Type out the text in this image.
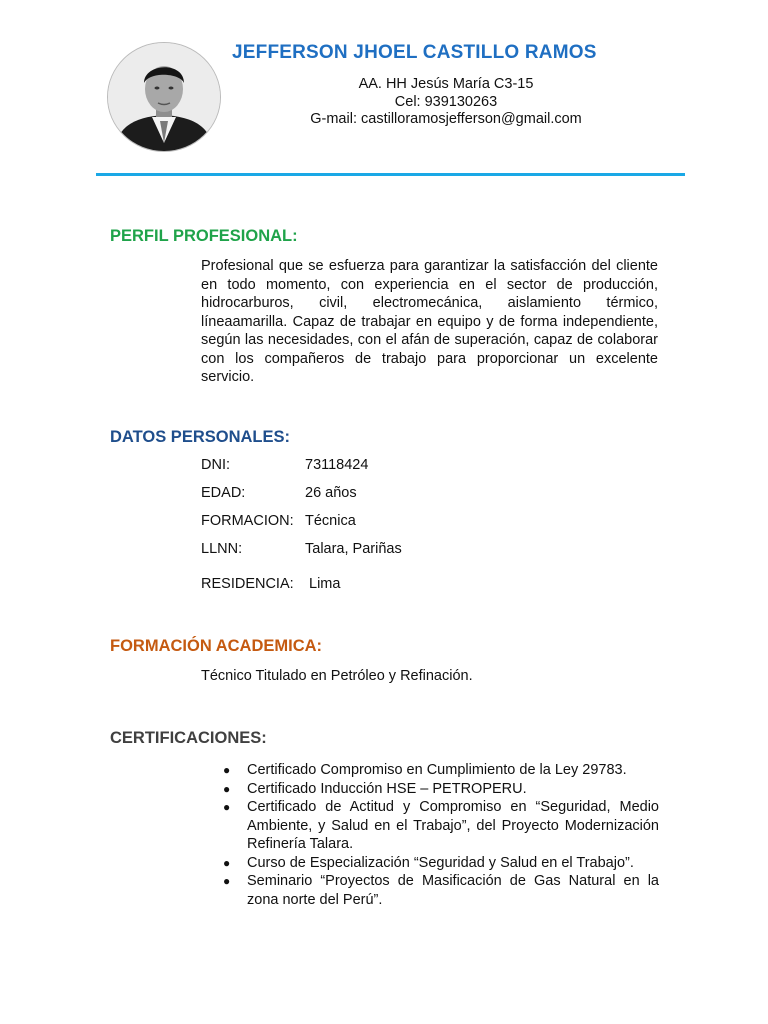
JEFFERSON JHOEL CASTILLO RAMOS
AA. HH Jesús María C3-15
Cel: 939130263
G-mail: castilloramosjefferson@gmail.com
PERFIL PROFESIONAL:

Profesional que se esfuerza para garantizar la satisfacción del cliente en todo momento, con experiencia en el sector de producción, hidrocarburos, civil, electromecánica, aislamiento térmico, líneaamarilla. Capaz de trabajar en equipo y de forma independiente, según las necesidades, con el afán de superación, capaz de colaborar con los compañeros de trabajo para proporcionar un excelente servicio.

DATOS PERSONALES:
DNI:	73118424
EDAD:	26 años
FORMACION: Técnica
LLNN:	Talara, Pariñas
RESIDENCIA: Lima
FORMACIÓN ACADEMICA:
Técnico Titulado en Petróleo y Refinación.
CERTIFICACIONES:
● Certificado Compromiso en Cumplimiento de la Ley 29783.
● Certificado Inducción HSE – PETROPERU.
● Certificado de Actitud y Compromiso en “Seguridad, Medio Ambiente, y Salud en el Trabajo”, del Proyecto Modernización Refinería Talara.
● Curso de Especialización “Seguridad y Salud en el Trabajo”.
● Seminario “Proyectos de Masificación de Gas Natural en la zona norte del Perú”.
